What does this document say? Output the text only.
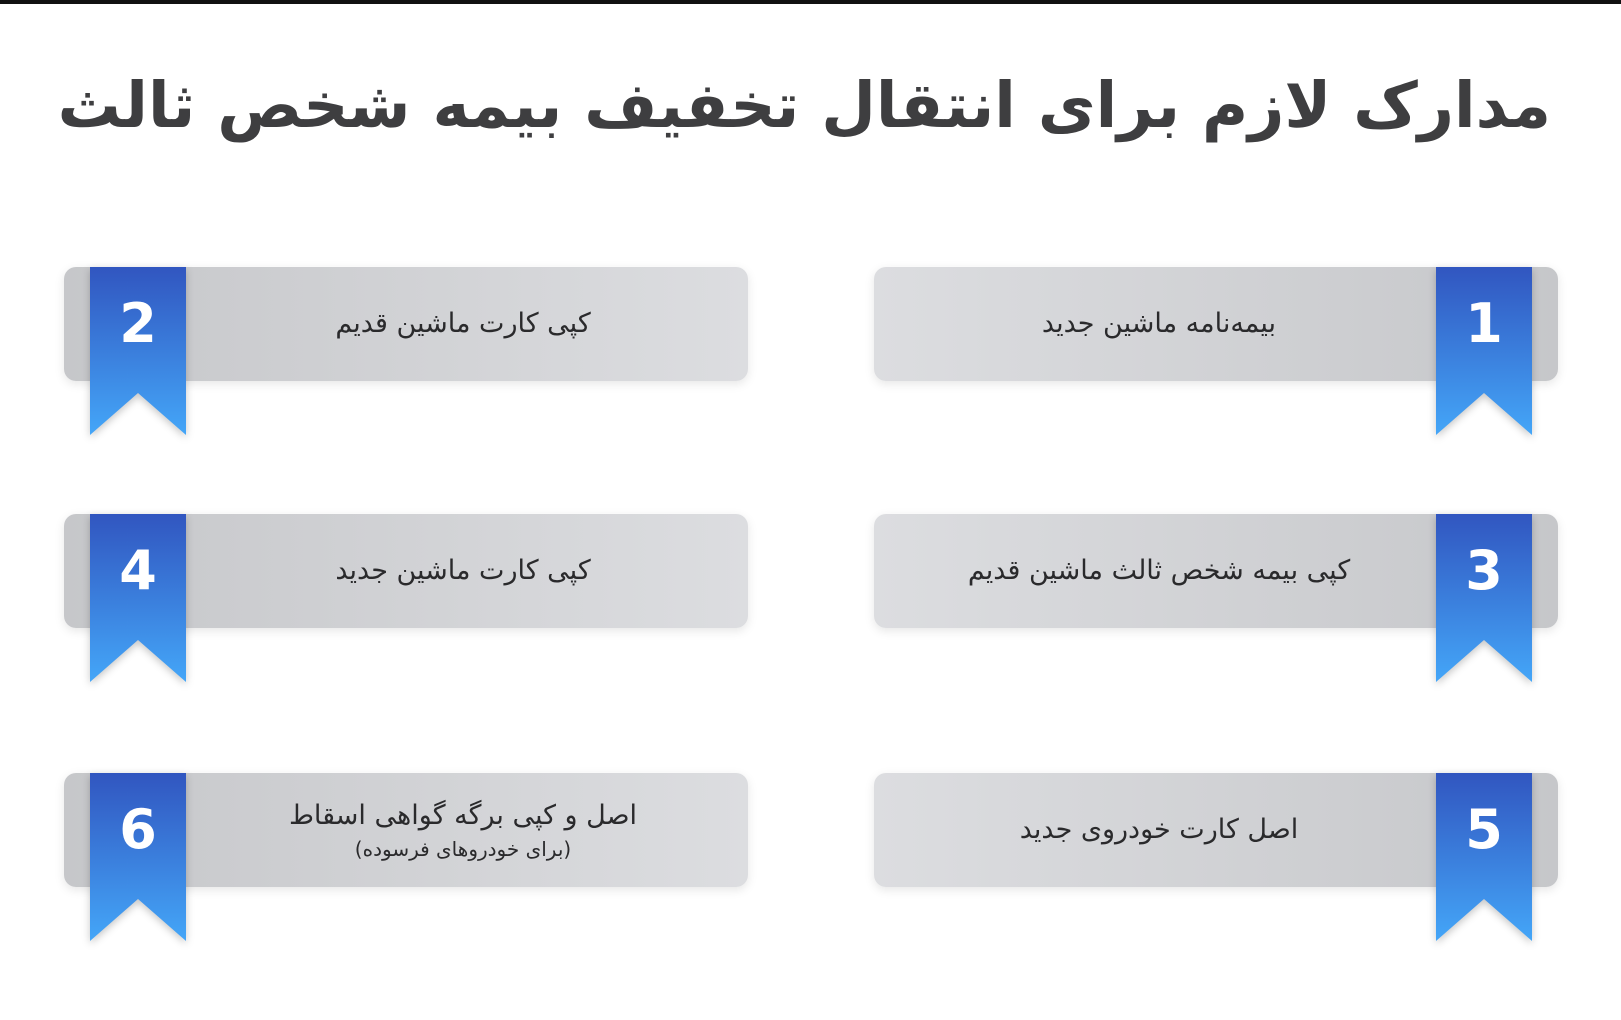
مدارک لازم برای انتقال تخفیف بیمه شخص ثالث
بیمه‌نامه ماشین جدید	1
کپی کارت ماشین قدیم
2
کپی بیمه شخص ثالث ماشین قدیم	3
کپی کارت ماشین جدید
4
اصل کارت خودروی جدید	5
اصل و کپی برگه گواهی اسقاط
(برای خودروهای فرسوده)
6
